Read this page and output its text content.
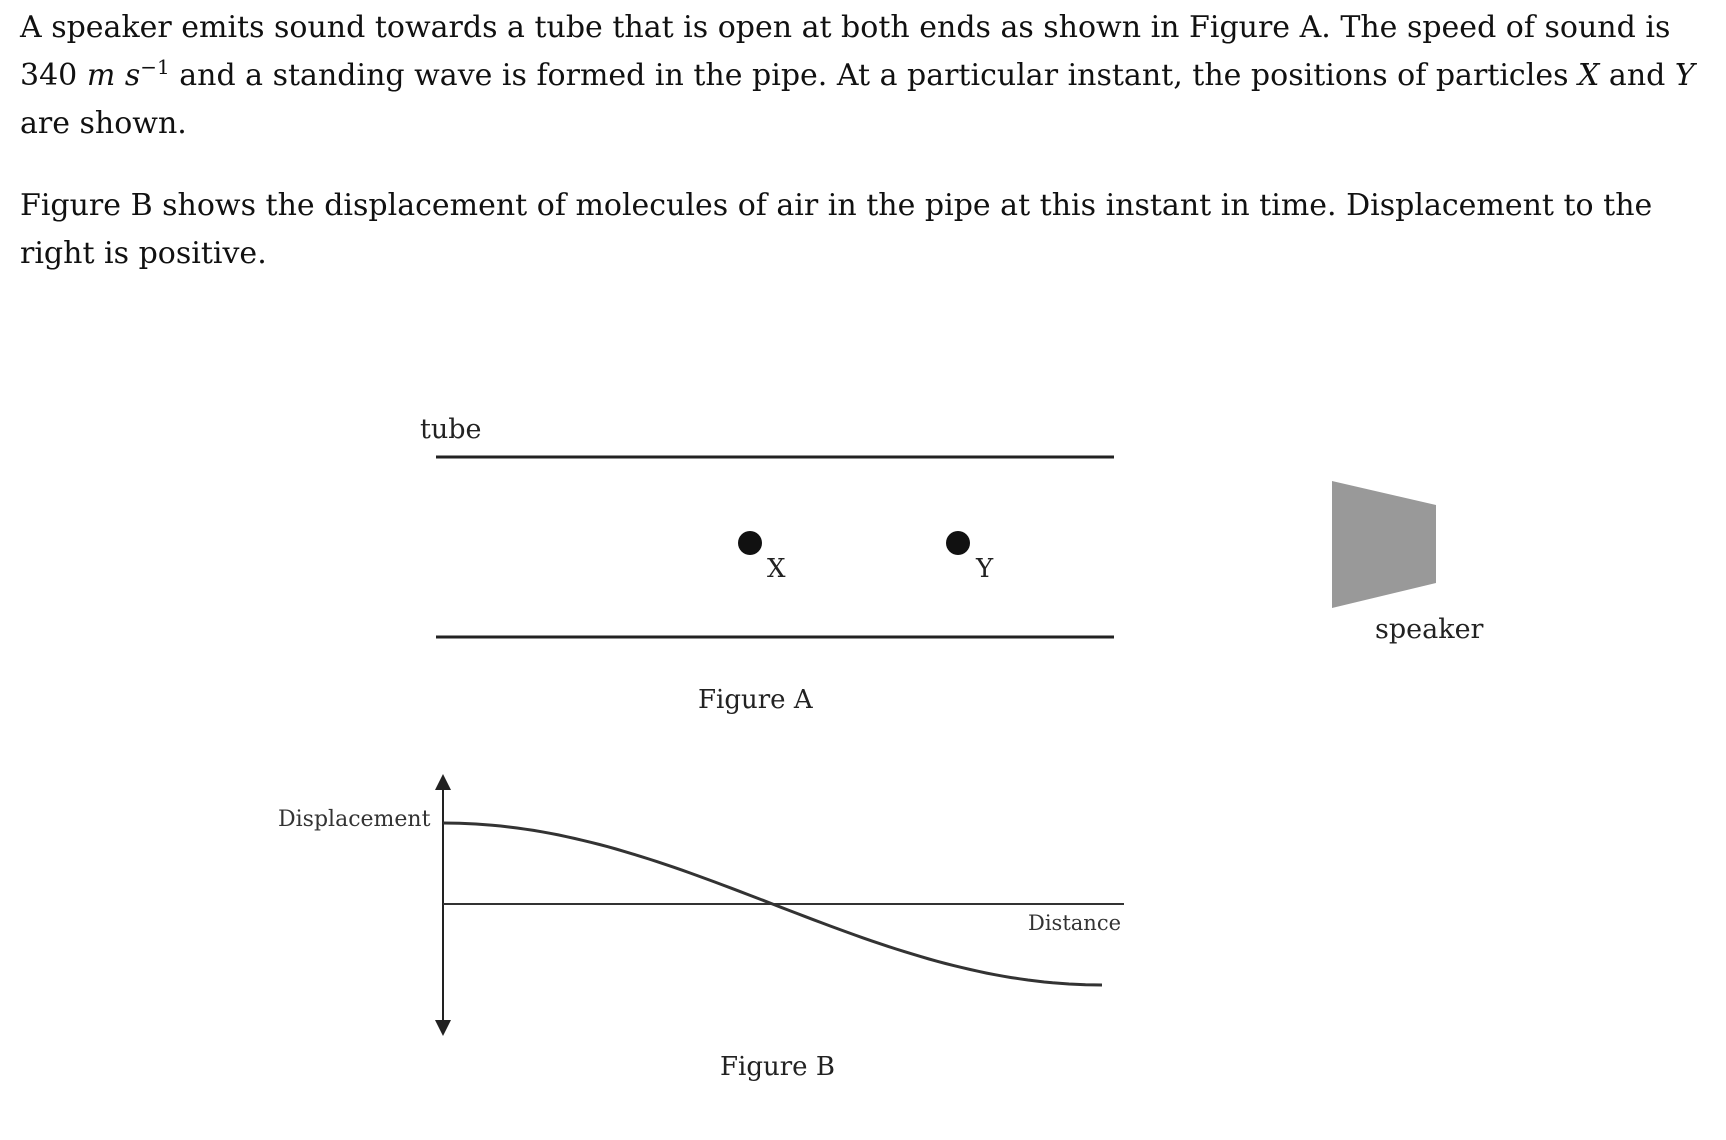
A speaker emits sound towards a tube that is open at both ends as shown in Figure A. The speed of sound is 340 m $s^{-1}$ and a standing wave is formed in the pipe. At a particular instant, the positions of particles X and Y are shown.

Figure B shows the displacement of molecules of air in the pipe at this instant in time. Displacement to the right is positive.

tube
X	Y
speaker
Figure A
Displacement
Distance
Figure B
